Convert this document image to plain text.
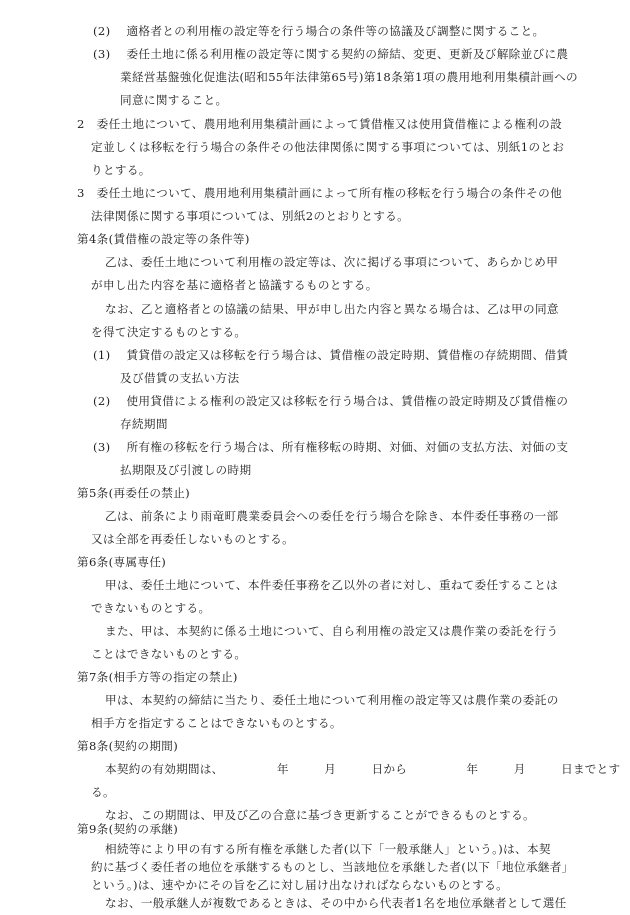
(2)　 適格者との利用権の設定等を行う場合の条件等の協議及び調整に関すること。
(3)　 委任土地に係る利用権の設定等に関する契約の締結、変更、更新及び解除並びに農
業経営基盤強化促進法(昭和55年法律第65号)第18条第1項の農用地利用集積計画への
同意に関すること。
2　委任土地について、農用地利用集積計画によって賃借権又は使用貸借権による権利の設
定並しくは移転を行う場合の条件その他法律関係に関する事項については、別紙1のとお
りとする。
3　委任土地について、農用地利用集積計画によって所有権の移転を行う場合の条件その他
法律関係に関する事項については、別紙2のとおりとする。
第4条(賃借権の設定等の条件等)
乙は、委任土地について利用権の設定等は、次に掲げる事項について、あらかじめ甲
が申し出た内容を基に適格者と協議するものとする。
なお、乙と適格者との協議の結果、甲が申し出た内容と異なる場合は、乙は甲の同意
を得て決定するものとする。
(1)　 賃貸借の設定又は移転を行う場合は、賃借権の設定時期、賃借権の存続期間、借賃
及び借賃の支払い方法
(2)　 使用貸借による権利の設定又は移転を行う場合は、賃借権の設定時期及び賃借権の
存続期間
(3)　 所有権の移転を行う場合は、所有権移転の時期、対価、対価の支払方法、対価の支
払期限及び引渡しの時期
第5条(再委任の禁止)
乙は、前条により雨竜町農業委員会への委任を行う場合を除き、本件委任事務の一部
又は全部を再委任しないものとする。
第6条(専属専任)
甲は、委任土地について、本件委任事務を乙以外の者に対し、重ねて委任することは
できないものとする。
また、甲は、本契約に係る土地について、自ら利用権の設定又は農作業の委託を行う
ことはできないものとする。
第7条(相手方等の指定の禁止)
甲は、本契約の締結に当たり、委任土地について利用権の設定等又は農作業の委託の
相手方を指定することはできないものとする。
第8条(契約の期間)
本契約の有効期間は、　　　　　年　　　月　　　日から　　　　　年　　　月　　　日までとす
る。
なお、この期間は、甲及び乙の合意に基づき更新することができるものとする。
第9条(契約の承継)
相続等により甲の有する所有権を承継した者(以下「一般承継人」という。)は、本契
約に基づく委任者の地位を承継するものとし、当該地位を承継した者(以下「地位承継者」
という。)は、速やかにその旨を乙に対し届け出なければならないものとする。
なお、一般承継人が複数であるときは、その中から代表者1名を地位承継者として選任
